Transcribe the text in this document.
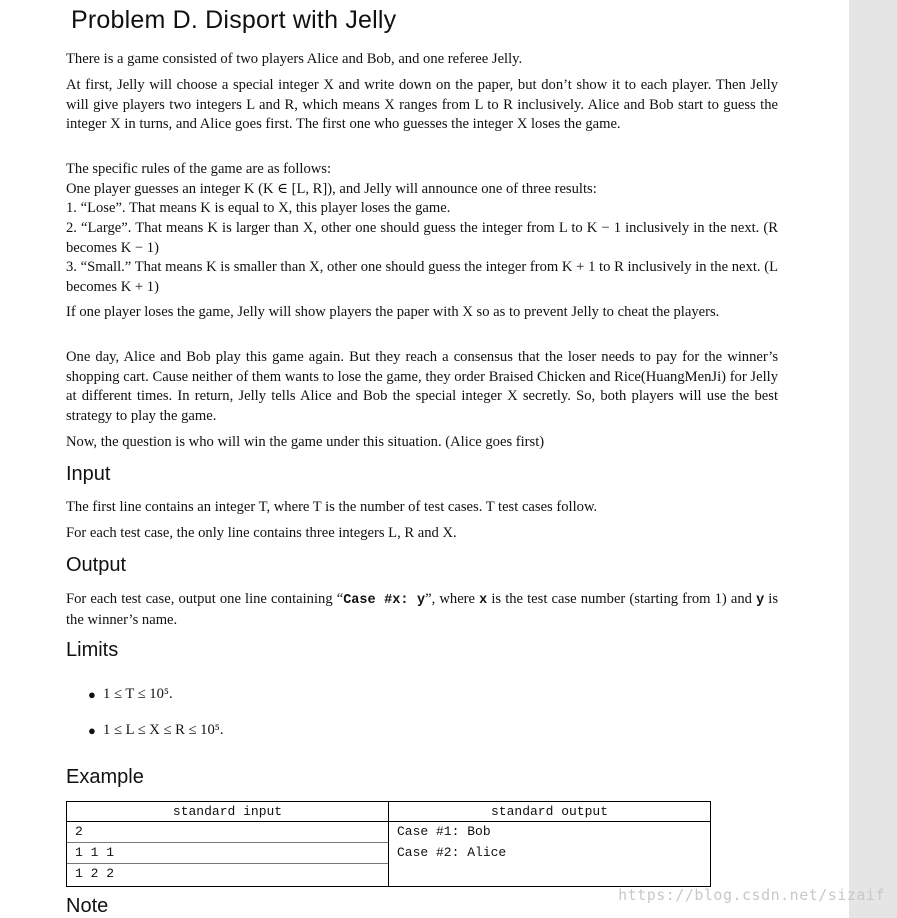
Problem D. Disport with Jelly

There is a game consisted of two players Alice and Bob, and one referee Jelly.

At first, Jelly will choose a special integer X and write down on the paper, but don’t show it to each player. Then Jelly will give players two integers L and R, which means X ranges from L to R inclusively. Alice and Bob start to guess the integer X in turns, and Alice goes first. The first one who guesses the integer X loses the game.

The specific rules of the game are as follows:

One player guesses an integer K (K ∈ [L, R]), and Jelly will announce one of three results:

1. “Lose”. That means K is equal to X, this player loses the game.

2. “Large”. That means K is larger than X, other one should guess the integer from L to K − 1 inclusively in the next. (R becomes K − 1)

3. “Small.” That means K is smaller than X, other one should guess the integer from K + 1 to R inclusively in the next. (L becomes K + 1)

If one player loses the game, Jelly will show players the paper with X so as to prevent Jelly to cheat the players.

One day, Alice and Bob play this game again. But they reach a consensus that the loser needs to pay for the winner’s shopping cart. Cause neither of them wants to lose the game, they order Braised Chicken and Rice(HuangMenJi) for Jelly at different times. In return, Jelly tells Alice and Bob the special integer X secretly. So, both players will use the best strategy to play the game.

Now, the question is who will win the game under this situation. (Alice goes first)

Input

The first line contains an integer T, where T is the number of test cases. T test cases follow.

For each test case, the only line contains three integers L, R and X.

Output

For each test case, output one line containing “Case #x: y”, where x is the test case number (starting from 1) and y is the winner’s name.

Limits
● 1 ≤ T ≤ 10⁵.
● 1 ≤ L ≤ X ≤ R ≤ 10⁵.
Example
standard input	standard output
2	Case #1: Bob
1 1 1	Case #2: Alice
1 2 2	
Note	https://blog.csdn.net/sizaif
